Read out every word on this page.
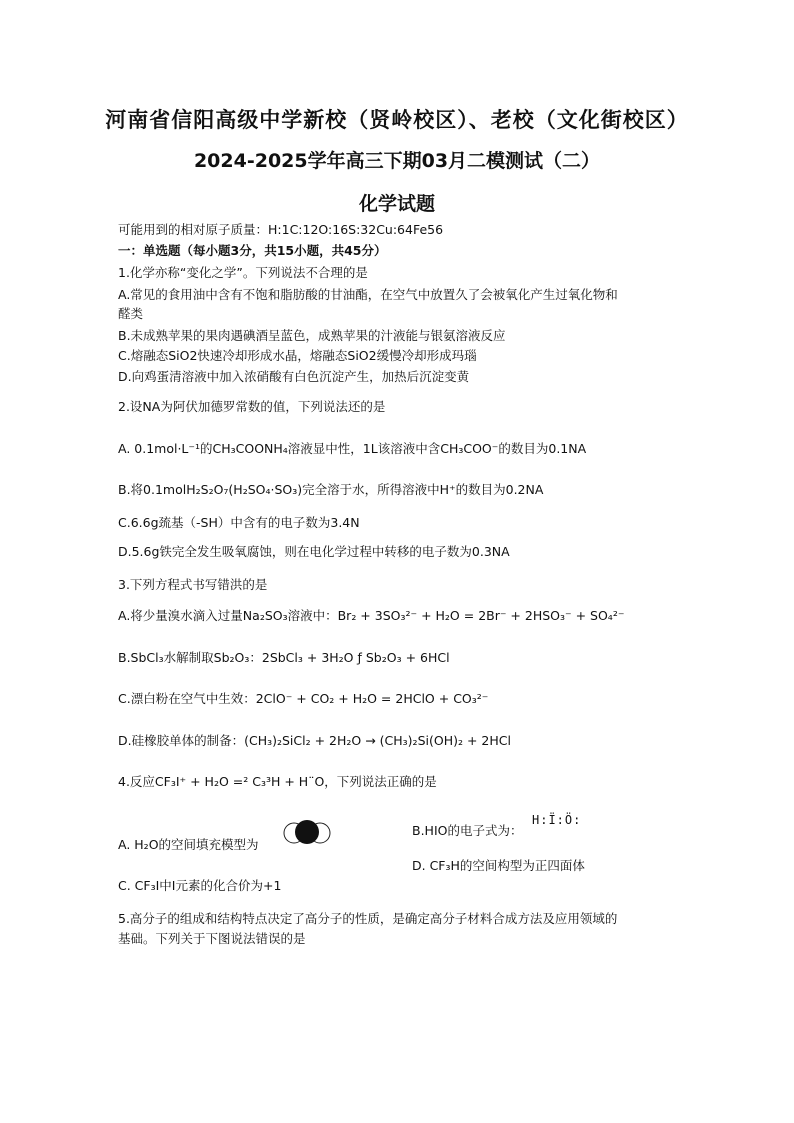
河南省信阳高级中学新校（贤岭校区）、老校（文化街校区）
2024-2025学年高三下期03月二模测试（二）
化学试题
可能用到的相对原子质量：H:1C:12O:16S:32Cu:64Fe56
一：单选题（每小题3分，共15小题，共45分）
1.化学亦称“变化之学”。下列说法不合理的是
A.常见的食用油中含有不饱和脂肪酸的甘油酯，在空气中放置久了会被氧化产生过氧化物和
醛类
B.未成熟苹果的果肉遇碘酒呈蓝色，成熟苹果的汁液能与银氨溶液反应
C.熔融态SiO2快速冷却形成水晶，熔融态SiO2缓慢冷却形成玛瑙
D.向鸡蛋清溶液中加入浓硝酸有白色沉淀产生，加热后沉淀变黄
2.设NA为阿伏加德罗常数的值，下列说法还的是
A. 0.1mol·L⁻¹的CH₃COONH₄溶液显中性，1L该溶液中含CH₃COO⁻的数目为0.1NA
B.将0.1molH₂S₂O₇(H₂SO₄·SO₃)完全溶于水，所得溶液中H⁺的数目为0.2NA
C.6.6g巯基（-SH）中含有的电子数为3.4N
D.5.6g铁完全发生吸氧腐蚀，则在电化学过程中转移的电子数为0.3NA
3.下列方程式书写错洪的是
A.将少量溴水滴入过量Na₂SO₃溶液中：Br₂ + 3SO₃²⁻ + H₂O = 2Br⁻ + 2HSO₃⁻ + SO₄²⁻
B.SbCl₃水解制取Sb₂O₃：2SbCl₃ + 3H₂O ƒ Sb₂O₃ + 6HCl
C.漂白粉在空气中生效：2ClO⁻ + CO₂ + H₂O = 2HClO + CO₃²⁻
D.硅橡胶单体的制备：(CH₃)₂SiCl₂ + 2H₂O → (CH₃)₂Si(OH)₂ + 2HCl
4.反应CF₃I⁺ + H₂O =² C₃³H + H¨O，下列说法正确的是
A. H₂O的空间填充模型为
B.HIO的电子式为：
H:Ï:Ö:
D. CF₃H的空间构型为正四面体
C. CF₃I中I元素的化合价为+1
5.高分子的组成和结构特点决定了高分子的性质，是确定高分子材料合成方法及应用领域的
基础。下列关于下图说法错误的是
